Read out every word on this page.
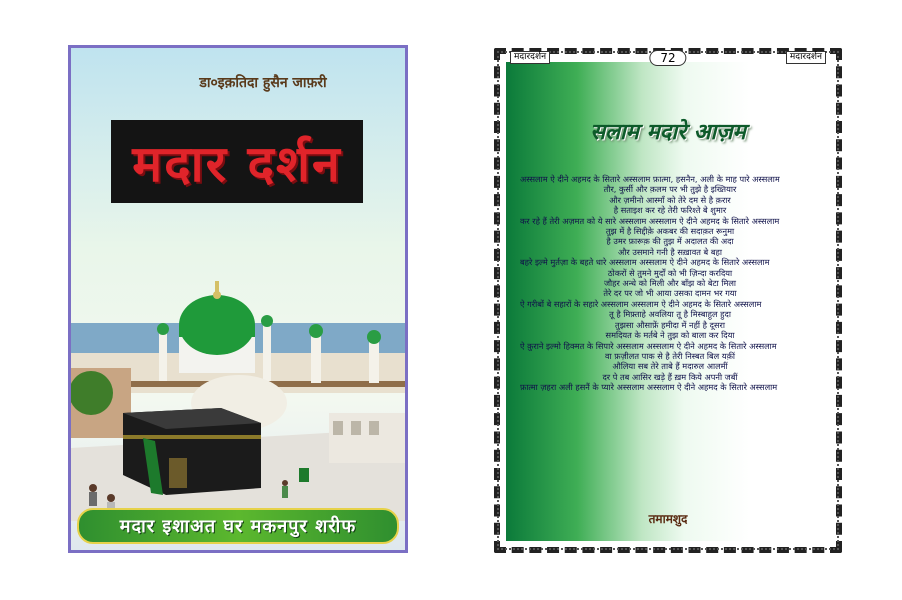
डा०इक़तिदा हुसैन जाफ़री
मदार दर्शन
मदार इशाअत घर मकनपुर शरीफ
सलाम मदारे आज़म
अस्सलाम ऐ दीने अहमद के सितारे अस्सलाम फ़ात्मा, हसनैन, अली के माह पारे अस्सलाम
तौर, कुर्सी और क़लम पर भी तुझे है इख्तियार
और ज़मीनो आस्माँ को तेरे दम से है क़रार
है सताइश कर रहे तेरी फरिश्ते बे शुमार
कर रहे हैं तेरी अज़मत को ये सारे अस्सलाम अस्सलाम ऐ दीने अहमद के सितारे अस्सलाम
तुझ में है सिद्दीक़े अकबर की सदाक़त रूनुमा
है उमर फ़ारूक़ की तुझ में अदालत की अदा
और उसमाने गनी है सख़ावत बे बहा
बहरे इल्मे मुर्तज़ा के बहते धारे अस्सलाम अस्सलाम ऐ दीने अहमद के सितारे अस्सलाम
ठोकरों से तुमने मुर्दों को भी ज़िन्दा करदिया
जौहर अन्धे को मिली और बाँझ को बेटा मिला
तेरे दर पर जो भी आया उसका दामन भर गया
ऐ गरीबों बे सहारों के सहारे अस्सलाम अस्सलाम ऐ दीने अहमद के सितारे अस्सलाम
तू है मिफ़्ताहे अवलिया तू है मिस्बाहुल हुदा
तुझसा औसाफ़ें हमीदा में नहीं है दूसरा
समदियत के मर्तबे ने तुझ को बाला कर दिया
ऐ क़ुराने इल्मो हिक्मत के सिपारे अस्सलाम अस्सलाम ऐ दीने अहमद के सितारे अस्सलाम
वा फ़ज़ीलत पाक से है तेरी निस्बत बिल यक़ीं
औलिया सब तेरे ताबे हैं मदारुल आलमीं
दर पे तब आसिर खड़े हैं ख़म किये अपनी जबीं
फ़ात्मा ज़हरा अली हसनैं के प्यारे अस्सलाम अस्सलाम ऐ दीने अहमद के सितारे अस्सलाम
तमामशुद
मदारदर्शन	72	मदारदर्शन
